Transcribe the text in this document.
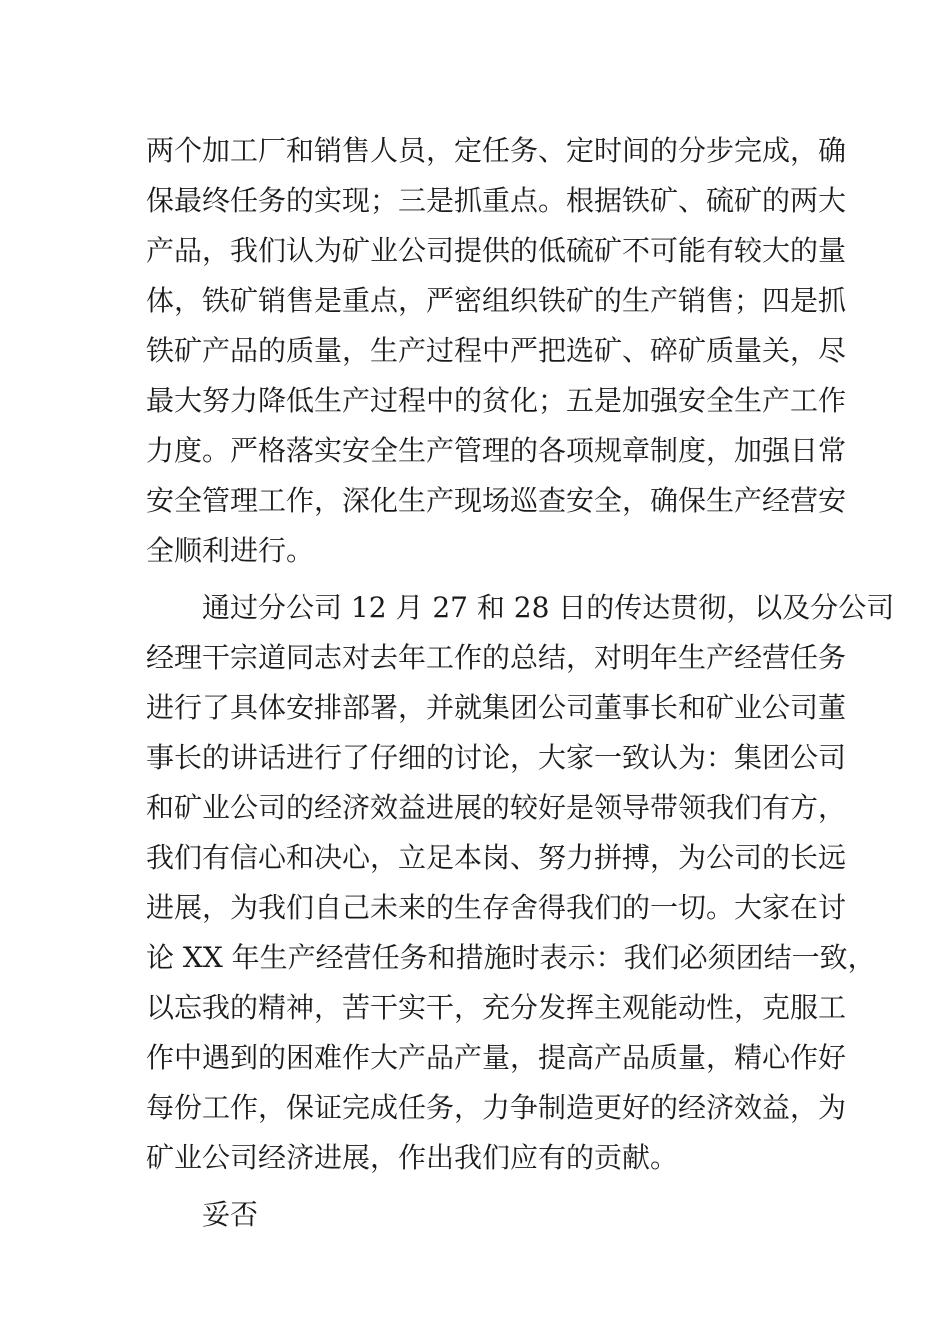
两个加工厂和销售人员，定任务、定时间的分步完成，确
保最终任务的实现；三是抓重点。根据铁矿、硫矿的两大
产品，我们认为矿业公司提供的低硫矿不可能有较大的量
体，铁矿销售是重点，严密组织铁矿的生产销售；四是抓
铁矿产品的质量，生产过程中严把选矿、碎矿质量关，尽
最大努力降低生产过程中的贫化；五是加强安全生产工作
力度。严格落实安全生产管理的各项规章制度，加强日常
安全管理工作，深化生产现场巡查安全，确保生产经营安
全顺利进行。
通过分公司 12 月 27 和 28 日的传达贯彻，以及分公司
经理干宗道同志对去年工作的总结，对明年生产经营任务
进行了具体安排部署，并就集团公司董事长和矿业公司董
事长的讲话进行了仔细的讨论，大家一致认为：集团公司
和矿业公司的经济效益进展的较好是领导带领我们有方，
我们有信心和决心，立足本岗、努力拼搏，为公司的长远
进展，为我们自己未来的生存舍得我们的一切。大家在讨
论 XX 年生产经营任务和措施时表示：我们必须团结一致，
以忘我的精神，苦干实干，充分发挥主观能动性，克服工
作中遇到的困难作大产品产量，提高产品质量，精心作好
每份工作，保证完成任务，力争制造更好的经济效益，为
矿业公司经济进展，作出我们应有的贡献。
妥否
